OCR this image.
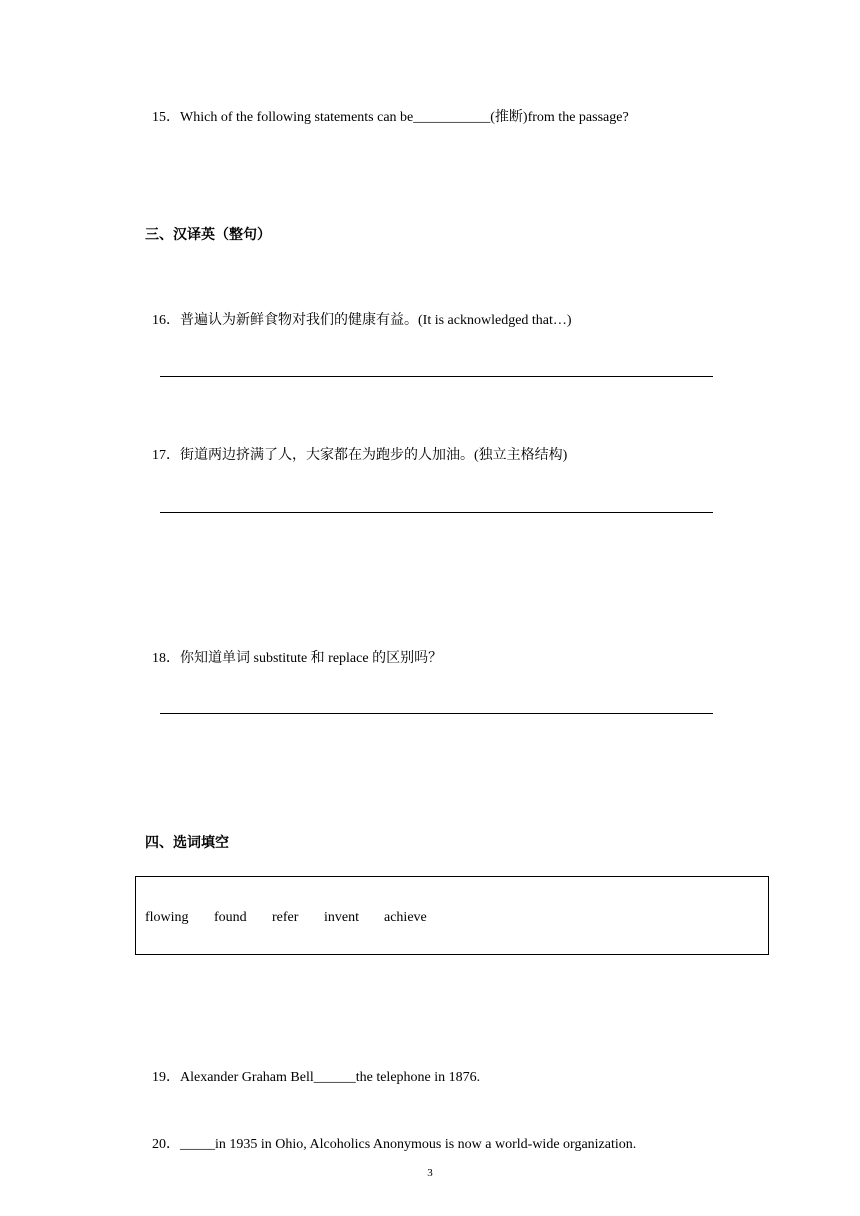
15．Which of the following statements can be___________(推断)from the passage?

三、汉译英（整句）

16．普遍认为新鲜食物对我们的健康有益。(It is acknowledged that…)

17．街道两边挤满了人，大家都在为跑步的人加油。(独立主格结构)

18．你知道单词 substitute 和 replace 的区别吗？

四、选词填空
flowing found refer invent achieve

19．Alexander Graham Bell______the telephone in 1876.

20．_____in 1935 in Ohio, Alcoholics Anonymous is now a world-wide organization.

3
